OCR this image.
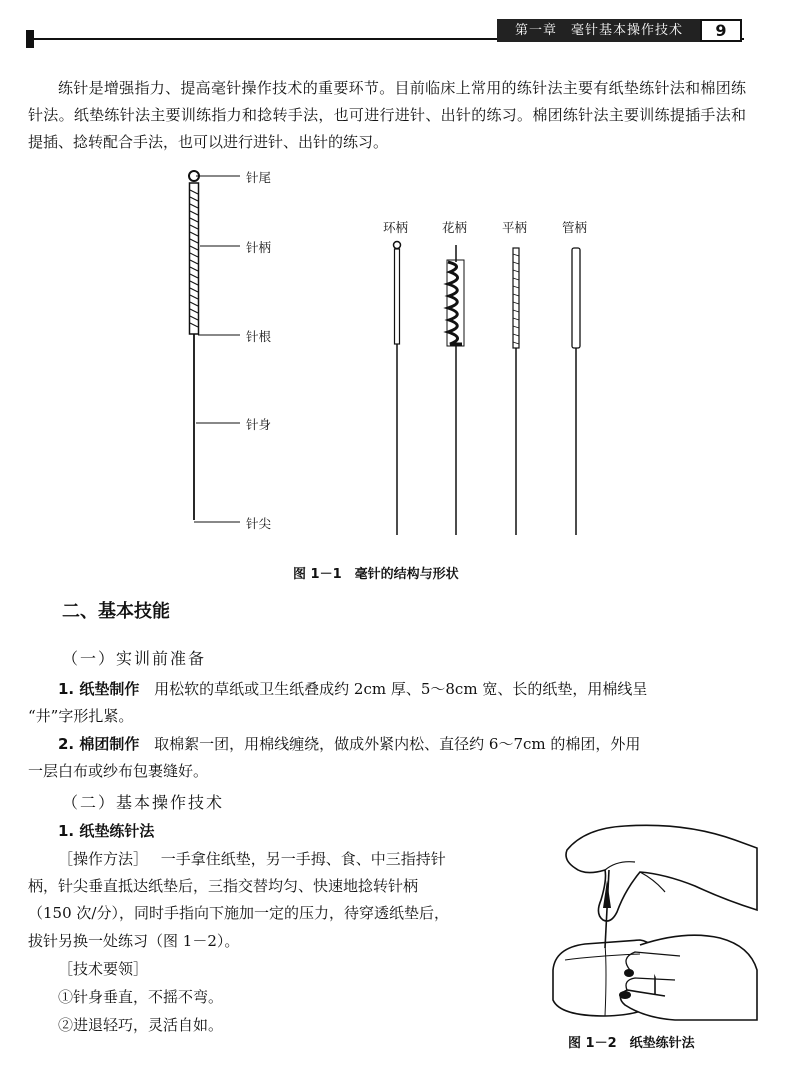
第一章　毫针基本操作技术	9
练针是增强指力、提高毫针操作技术的重要环节。目前临床上常用的练针法主要有纸垫练针法和棉团练针法。纸垫练针法主要训练指力和捻转手法，也可进行进针、出针的练习。棉团练针法主要训练提插手法和提插、捻转配合手法，也可以进行进针、出针的练习。
针尾
针柄
针根
针身
针尖
环柄	花柄	平柄	管柄
图 1－1　毫针的结构与形状
二、基本技能
（一）实训前准备
1. 纸垫制作 用松软的草纸或卫生纸叠成约 2cm 厚、5～8cm 宽、长的纸垫，用棉线呈
“井”字形扎紧。
2. 棉团制作 取棉絮一团，用棉线缠绕，做成外紧内松、直径约 6～7cm 的棉团，外用
一层白布或纱布包裹缝好。
（二）基本操作技术
1. 纸垫练针法
［操作方法］ 一手拿住纸垫，另一手拇、食、中三指持针
柄，针尖垂直抵达纸垫后，三指交替均匀、快速地捻转针柄
（150 次/分），同时手指向下施加一定的压力，待穿透纸垫后，
拔针另换一处练习（图 1－2）。
［技术要领］
①针身垂直，不摇不弯。
②进退轻巧，灵活自如。
图 1－2　纸垫练针法
